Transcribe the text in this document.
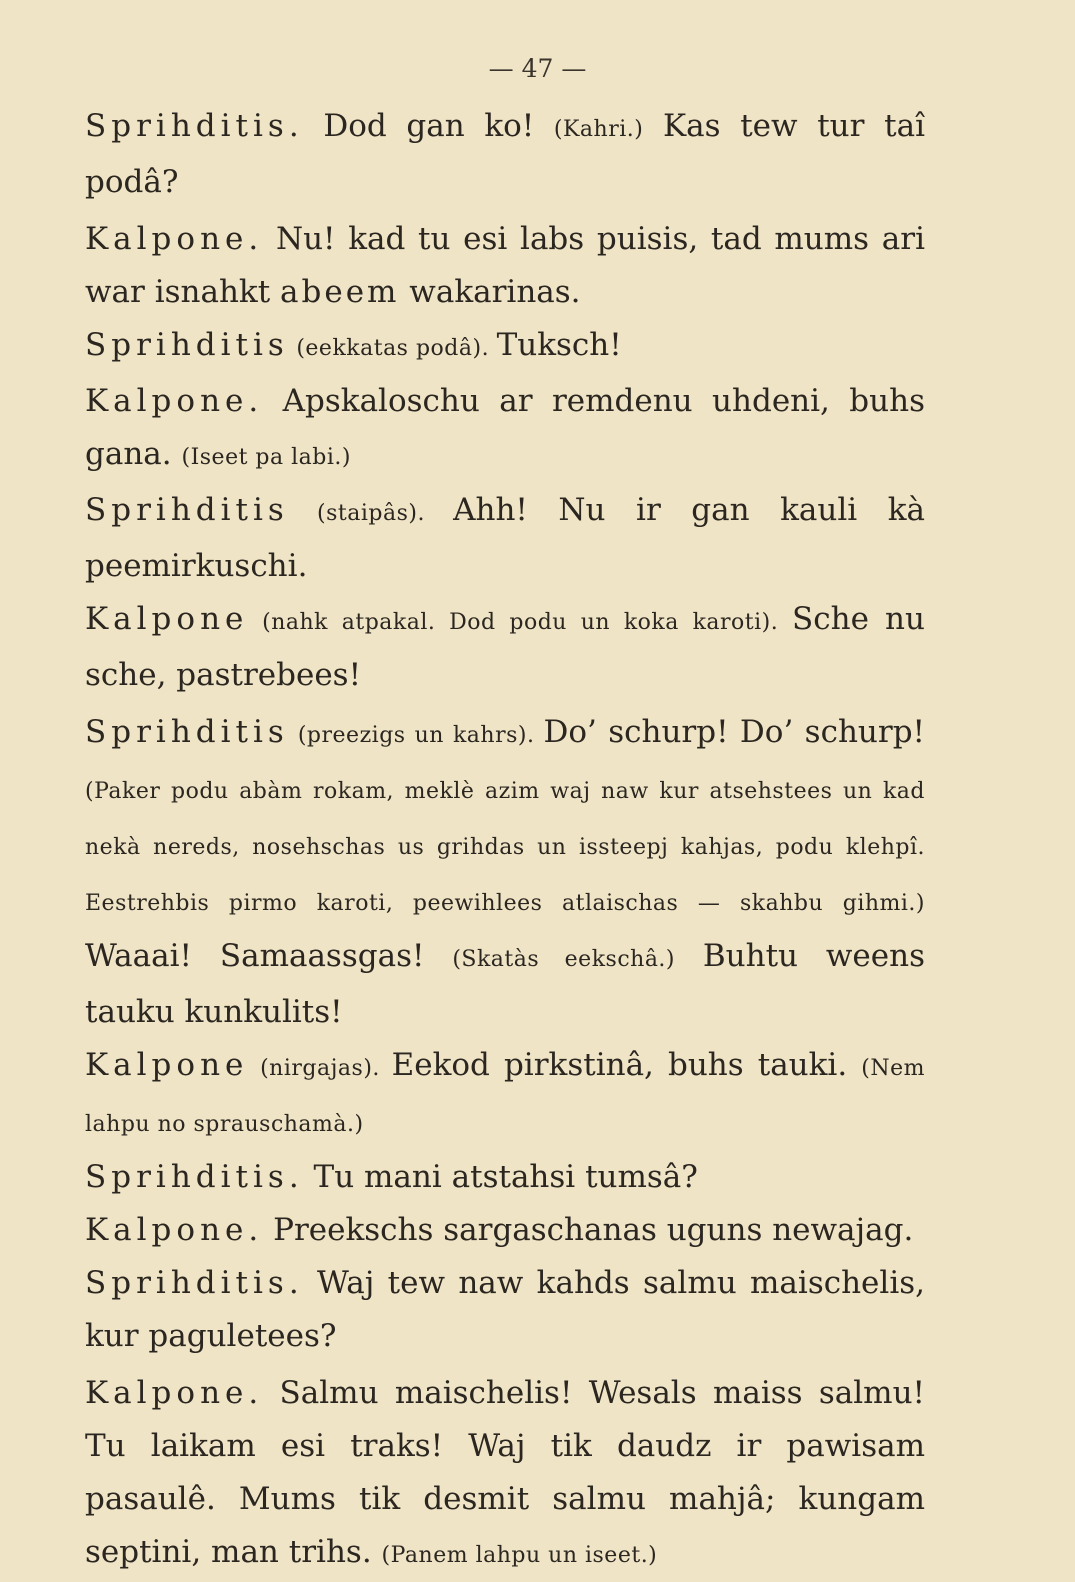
— 47 —

Sprihditis. Dod gan ko! (Kahri.) Kas tew tur taî podâ?

Kalpone. Nu! kad tu esi labs puisis, tad mums ari war isnahkt abeem wakarinas.

Sprihditis (eekkatas podâ). Tuksch!

Kalpone. Apskaloschu ar remdenu uhdeni, buhs gana. (Iseet pa labi.)

Sprihditis (staipâs). Ahh! Nu ir gan kauli kà peemirkuschi.

Kalpone (nahk atpakal. Dod podu un koka karoti). Sche nu sche, pastrebees!

Sprihditis (preezigs un kahrs). Do’ schurp! Do’ schurp! (Paker podu abàm rokam, meklè azim waj naw kur atsehstees un kad nekà nereds, nosehschas us grihdas un isstеepj kahjas, podu klehpî. Eestrehbis pirmo karoti, peewihlees atlaischas — skahbu gihmi.) Waaai! Samaassgas! (Skatàs eekschâ.) Buhtu weens tauku kunkulits!

Kalpone (nirgajas). Eekod pirkstinâ, buhs tauki. (Nem lahpu no sprauschamà.)

Sprihditis. Tu mani atstahsi tumsâ?

Kalpone. Preekschs sargaschanas uguns newajag.

Sprihditis. Waj tew naw kahds salmu maischelis, kur paguletees?

Kalpone. Salmu maischelis! Wesals maiss salmu! Tu laikam esi traks! Waj tik daudz ir pawisam pasaulê. Mums tik desmit salmu mahjâ; kungam septini, man trihs. (Panem lahpu un iseet.)
